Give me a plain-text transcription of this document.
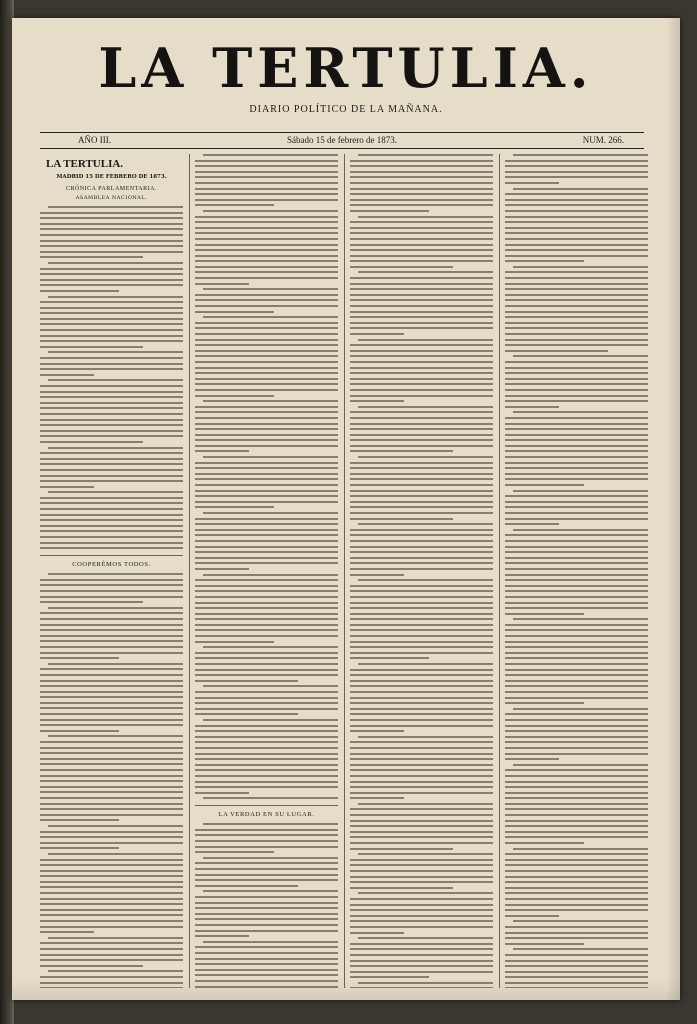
LA TERTULIA.
DIARIO POLÍTICO DE LA MAÑANA.
AÑO III.	Sábado 15 de febrero de 1873.	NUM. 266.
LA TERTULIA.
MADRID 15 DE FEBRERO DE 1873.
CRÓNICA PARLAMENTARIA.
ASAMBLEA NACIONAL.
COOPERÉMOS TODOS.
LA VERDAD EN SU LUGAR.
